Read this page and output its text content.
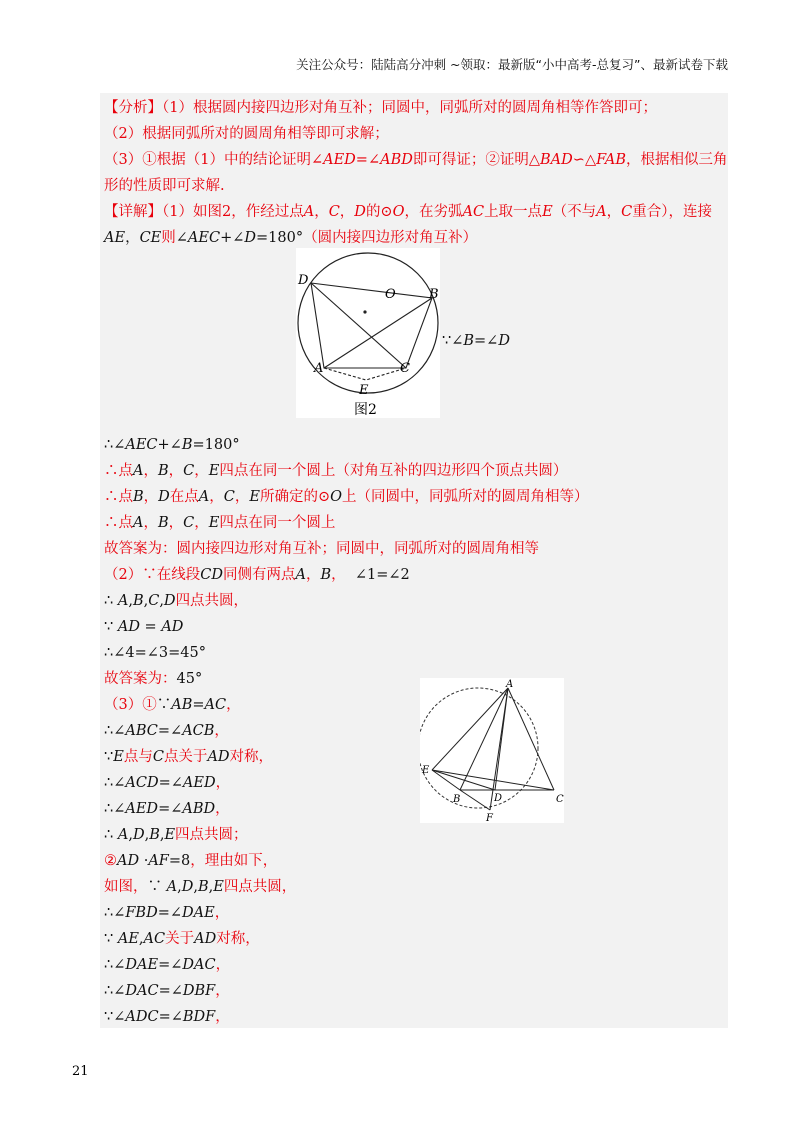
关注公众号：陆陆高分冲刺 ~领取：最新版“小中高考-总复习”、最新试卷下载
【分析】（1）根据圆内接四边形对角互补；同圆中，同弧所对的圆周角相等作答即可；
（2）根据同弧所对的圆周角相等即可求解；
（3）①根据（1）中的结论证明∠AED=∠ABD即可得证；②证明△BAD∽△FAB，根据相似三角
形的性质即可求解.
【详解】（1）如图2，作经过点A，C，D的⊙O，在劣弧AC上取一点E（不与A，C重合），连接
AE，CE则∠AEC+∠D=180°（圆内接四边形对角互补）
D
O	B
A	C
E
图2
∵∠B=∠D
∴∠AEC+∠B=180°
∴点A，B，C，E四点在同一个圆上（对角互补的四边形四个顶点共圆）
∴点B，D在点A，C，E所确定的⊙O上（同圆中，同弧所对的圆周角相等）
∴点A，B，C，E四点在同一个圆上
故答案为：圆内接四边形对角互补；同圆中，同弧所对的圆周角相等
（2）∵在线段CD同侧有两点A，B，  ∠1=∠2
∴ A,B,C,D四点共圆，
∵ AD = AD
∴∠4=∠3=45°
故答案为：45°	A
E
B	D	C
F
（3）①∵AB=AC，
∴∠ABC=∠ACB，
∵E点与C点关于AD对称，
∴∠ACD=∠AED，
∴∠AED=∠ABD，
∴ A,D,B,E四点共圆；
②AD ·AF=8，理由如下，
如图，∵ A,D,B,E四点共圆，
∴∠FBD=∠DAE，
∵ AE,AC关于AD对称，
∴∠DAE=∠DAC，
∴∠DAC=∠DBF，
∵∠ADC=∠BDF，
21
